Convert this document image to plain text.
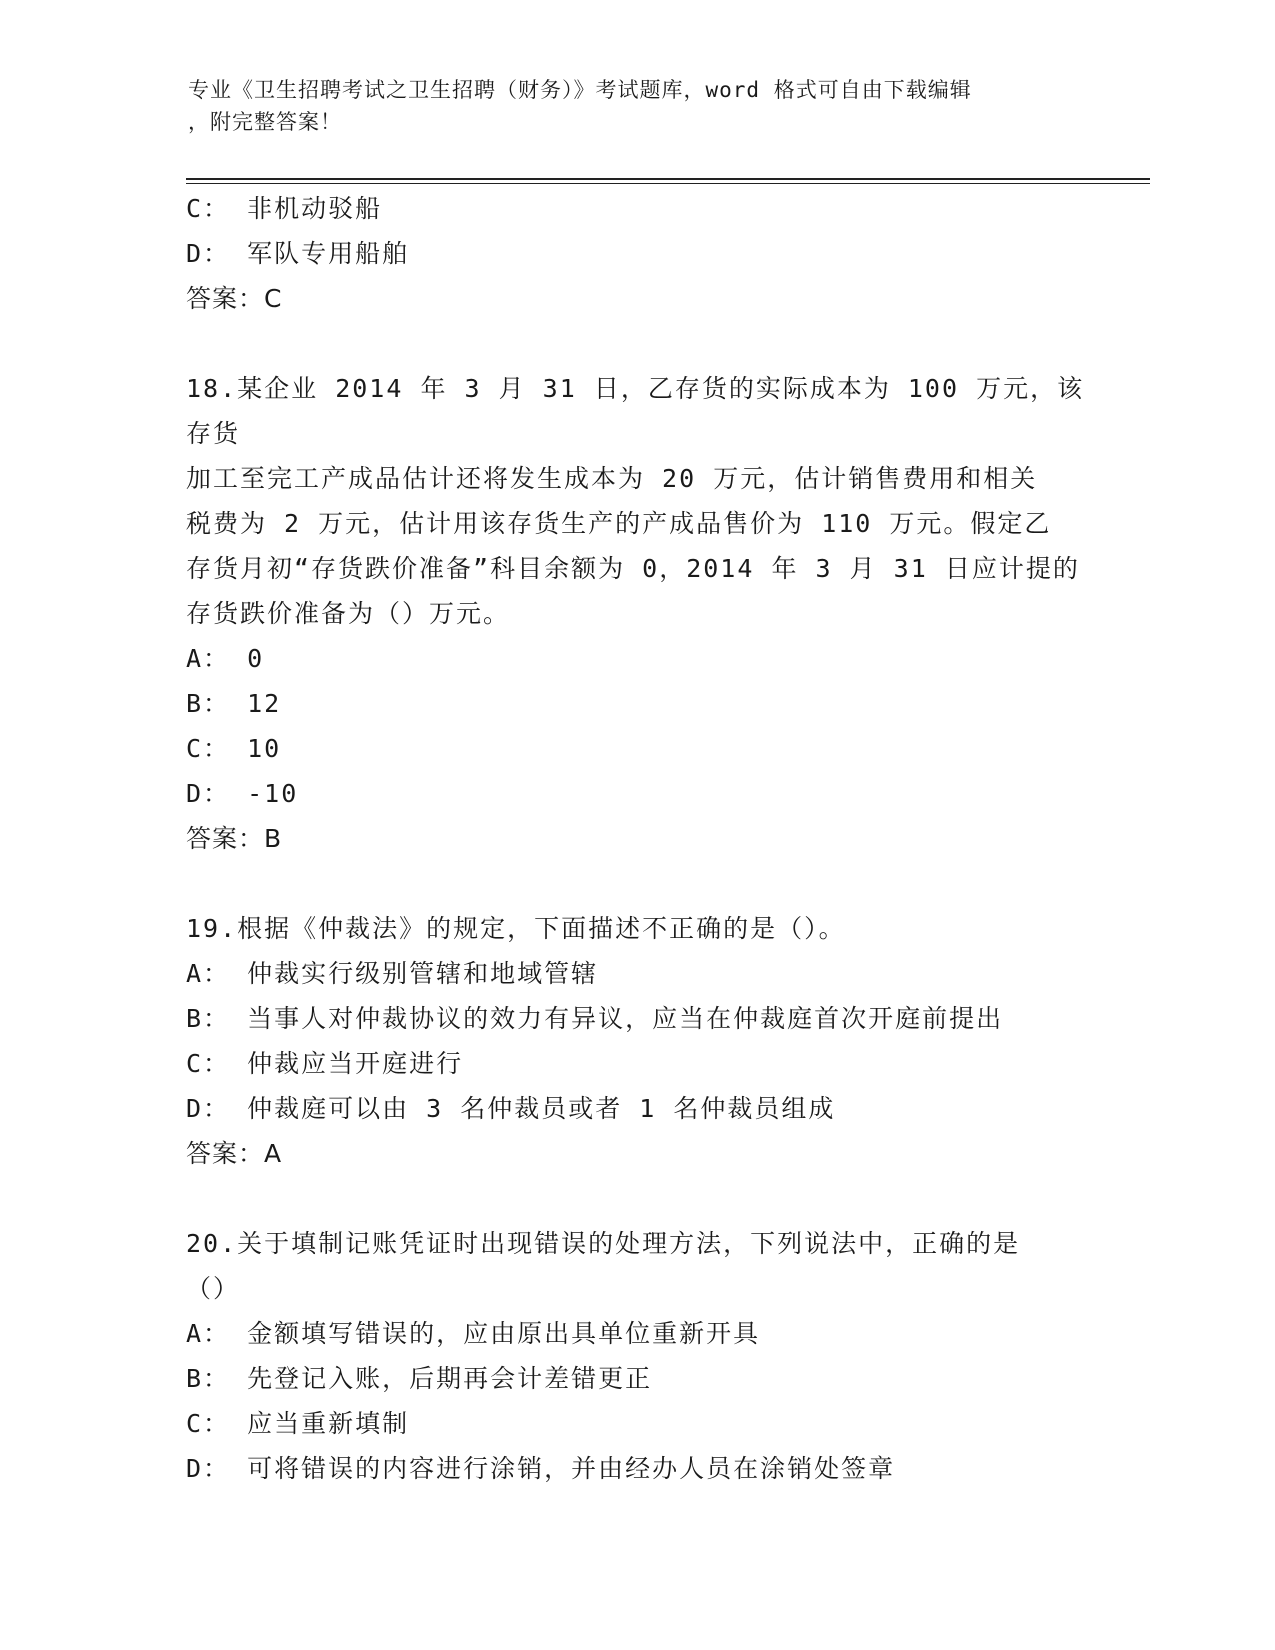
专业《卫生招聘考试之卫生招聘（财务）》考试题库，word 格式可自由下载编辑
，附完整答案！
C： 非机动驳船
D： 军队专用船舶
答案：C
18.某企业 2014 年 3 月 31 日，乙存货的实际成本为 100 万元，该存货
加工至完工产成品估计还将发生成本为 20 万元，估计销售费用和相关
税费为 2 万元，估计用该存货生产的产成品售价为 110 万元。假定乙
存货月初“存货跌价准备”科目余额为 0，2014 年 3 月 31 日应计提的
存货跌价准备为（）万元。
A： 0
B： 12
C： 10
D： -10
答案：B
19.根据《仲裁法》的规定，下面描述不正确的是（）。
A： 仲裁实行级别管辖和地域管辖
B： 当事人对仲裁协议的效力有异议，应当在仲裁庭首次开庭前提出
C： 仲裁应当开庭进行
D： 仲裁庭可以由 3 名仲裁员或者 1 名仲裁员组成
答案：A
20.关于填制记账凭证时出现错误的处理方法，下列说法中，正确的是
（）
A： 金额填写错误的，应由原出具单位重新开具
B： 先登记入账，后期再会计差错更正
C： 应当重新填制
D： 可将错误的内容进行涂销，并由经办人员在涂销处签章
